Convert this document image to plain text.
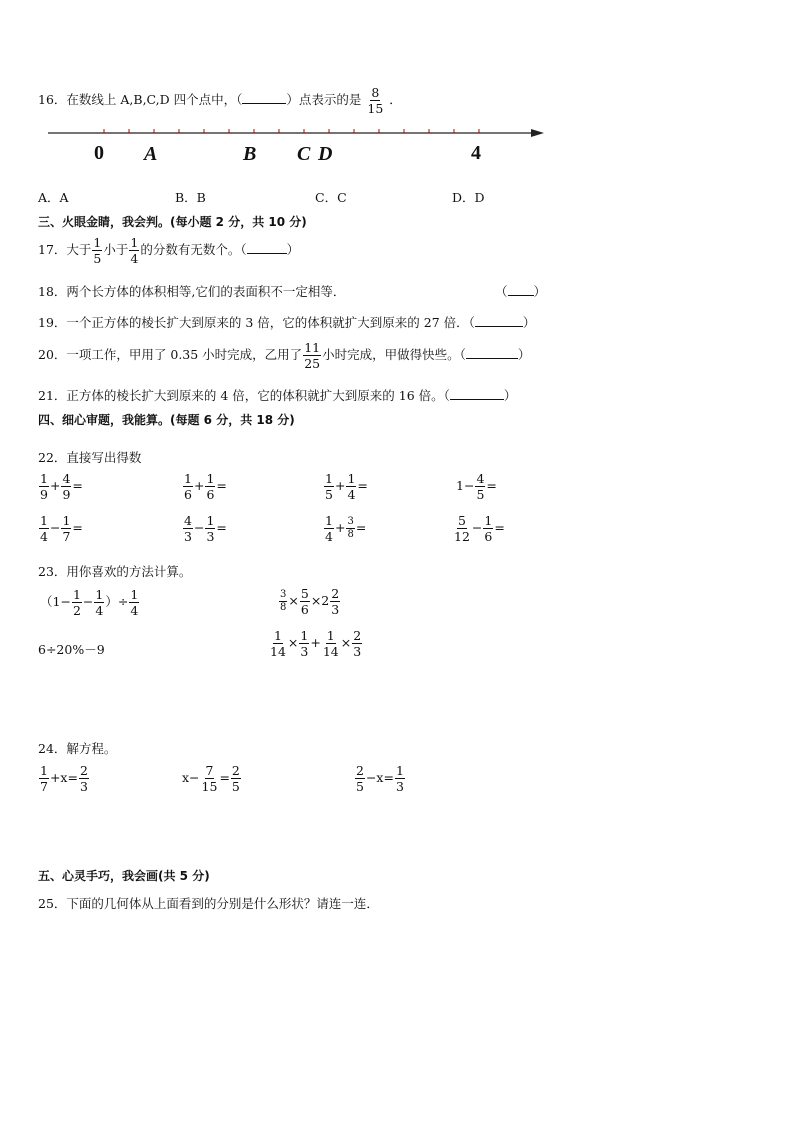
16．在数线上 A,B,C,D 四个点中，（	）点表示的是 $\frac{8}{15}$ ．
0 A	B C D	4
A．A	B．B	C．C	D．D
三、火眼金睛，我会判。(每小题 2 分，共 10 分)
17．大于 $\frac{1}{5}$ 小于 $\frac{1}{4}$ 的分数有无数个。（	）
18．两个长方体的体积相等,它们的表面积不一定相等．	（ ）
19．一个正方体的棱长扩大到原来的 3 倍，它的体积就扩大到原来的 27 倍．（	）
20．一项工作，甲用了 0.35 小时完成，乙用了 $\frac{11}{25}$ 小时完成，甲做得快些。（	）
21．正方体的棱长扩大到原来的 4 倍，它的体积就扩大到原来的 16 倍。（	）
四、细心审题，我能算。(每题 6 分，共 18 分)
22．直接写出得数
$\frac{1}{9} + \frac{4}{9}$ =	$\frac{1}{6} + \frac{1}{6}$ =	$\frac{1}{5} + \frac{1}{4}$ =	$1- \frac{4}{5}$ =
$\frac{1}{4} - \frac{1}{7}$ =	$\frac{4}{3} - \frac{1}{3}$ =	$\frac{1}{4} + \frac{3}{8}$ =	$\frac{5}{12} - \frac{1}{6}$ =
23．用你喜欢的方法计算。
（$1- \frac{1}{2} - \frac{1}{4}$ ）÷ $\frac{1}{4}$	$\frac{3}{8} \times \frac{5}{6} \times 2 \frac{2}{3}$
6÷20%－9	$\frac{1}{14} \times \frac{1}{3} + \frac{1}{14} \times \frac{2}{3}$
24．解方程。
$\frac{1}{7} +x= \frac{2}{3}$	$x- \frac{7}{15} = \frac{2}{5}$	$\frac{2}{5} -x= \frac{1}{3}$
五、心灵手巧，我会画(共 5 分)
25．下面的几何体从上面看到的分别是什么形状？请连一连．
